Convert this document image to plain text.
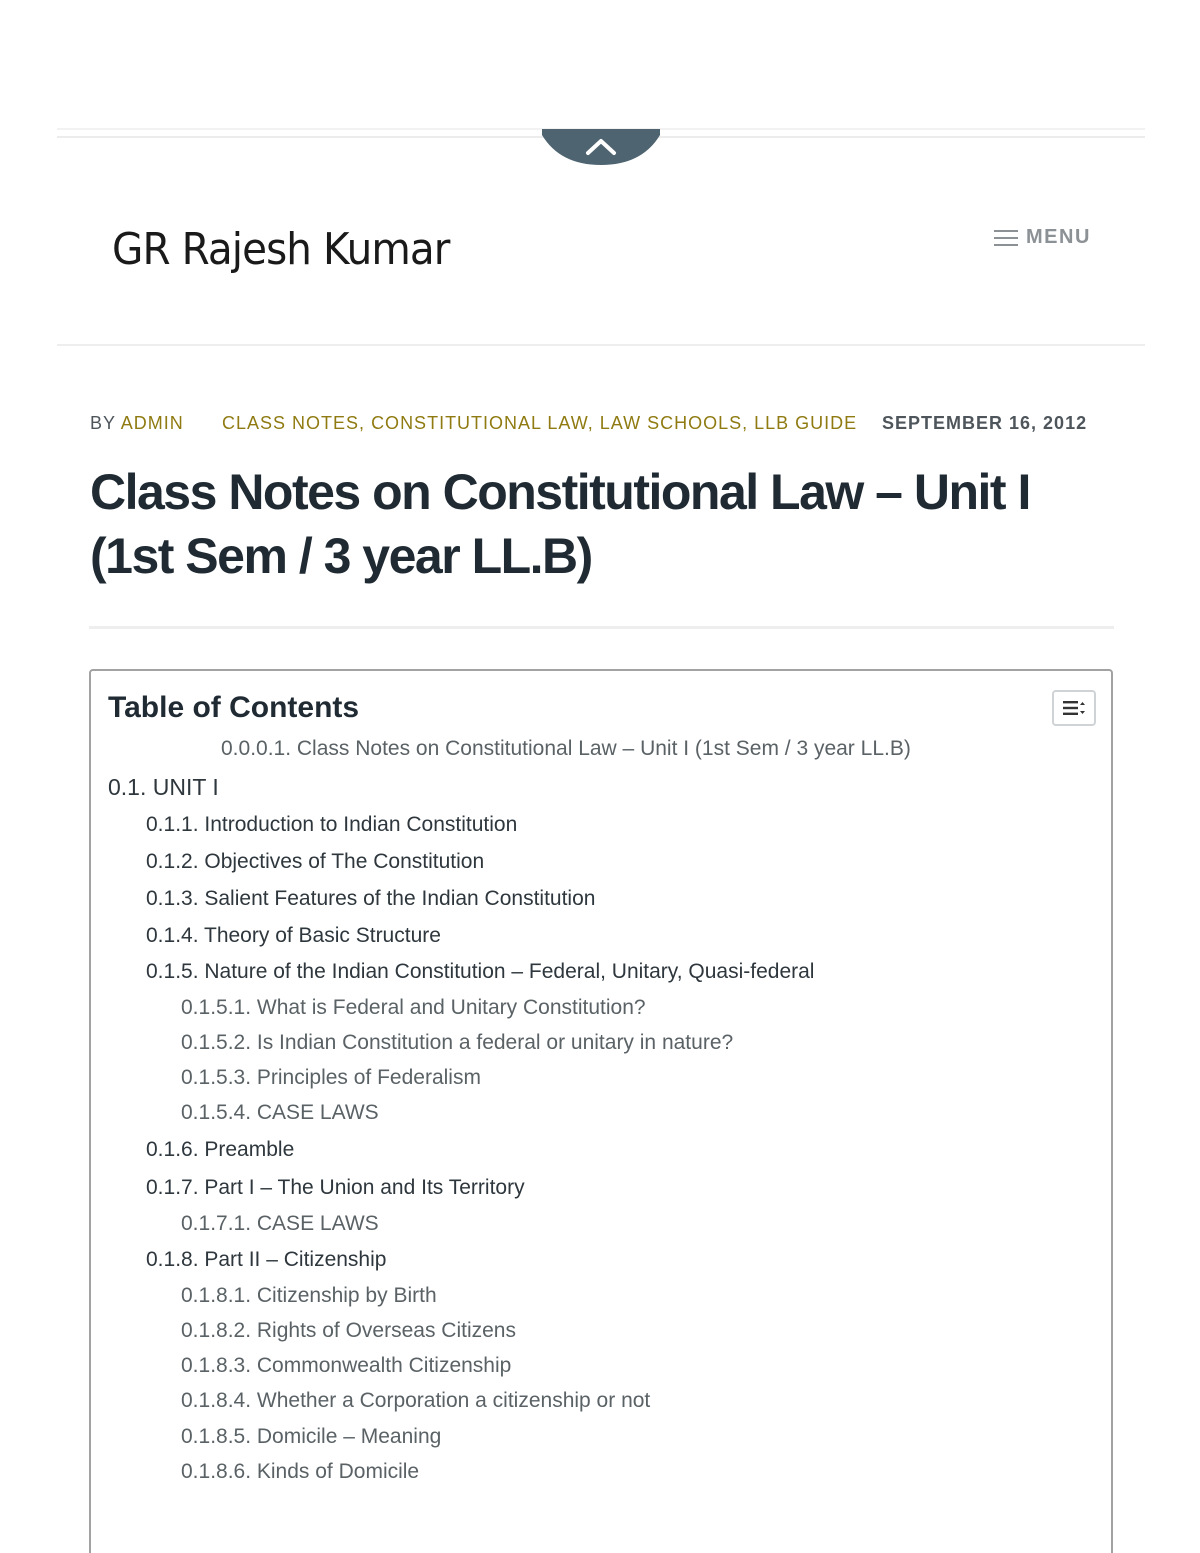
GR Rajesh Kumar	MENU
BY ADMIN CLASS NOTES, CONSTITUTIONAL LAW, LAW SCHOOLS, LLB GUIDE SEPTEMBER 16, 2012
Class Notes on Constitutional Law – Unit I (1st Sem / 3 year LL.B)
Table of Contents
0.0.0.1. Class Notes on Constitutional Law – Unit I (1st Sem / 3 year LL.B)
0.1. UNIT I
0.1.1. Introduction to Indian Constitution
0.1.2. Objectives of The Constitution
0.1.3. Salient Features of the Indian Constitution
0.1.4. Theory of Basic Structure
0.1.5. Nature of the Indian Constitution – Federal, Unitary, Quasi-federal
0.1.5.1. What is Federal and Unitary Constitution?
0.1.5.2. Is Indian Constitution a federal or unitary in nature?
0.1.5.3. Principles of Federalism
0.1.5.4. CASE LAWS
0.1.6. Preamble
0.1.7. Part I – The Union and Its Territory
0.1.7.1. CASE LAWS
0.1.8. Part II – Citizenship
0.1.8.1. Citizenship by Birth
0.1.8.2. Rights of Overseas Citizens
0.1.8.3. Commonwealth Citizenship
0.1.8.4. Whether a Corporation a citizenship or not
0.1.8.5. Domicile – Meaning
0.1.8.6. Kinds of Domicile
